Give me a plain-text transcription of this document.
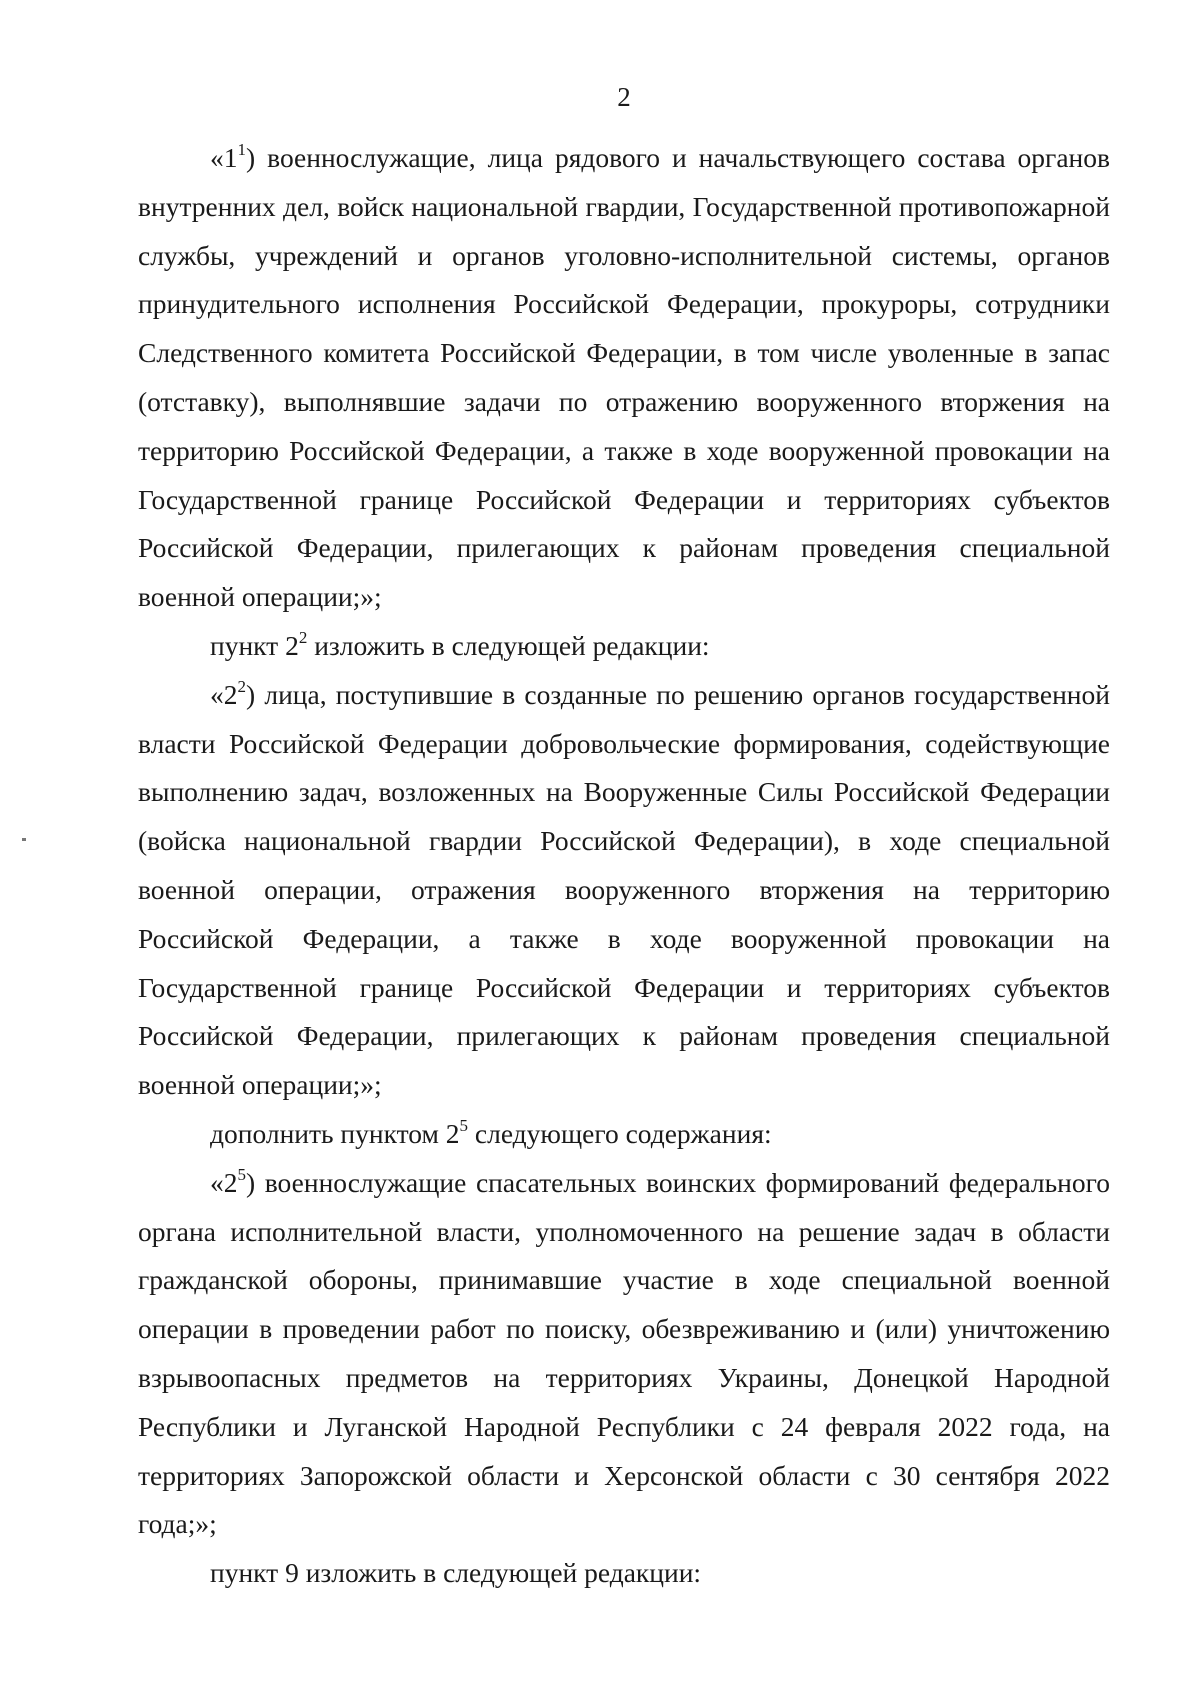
2

«$1^1$) военнослужащие, лица рядового и начальствующего состава органов внутренних дел, войск национальной гвардии, Государственной противопожарной службы, учреждений и органов уголовно-исполнительной системы, органов принудительного исполнения Российской Федерации, прокуроры, сотрудники Следственного комитета Российской Федерации, в том числе уволенные в запас (отставку), выполнявшие задачи по отражению вооруженного вторжения на территорию Российской Федерации, а также в ходе вооруженной провокации на Государственной границе Российской Федерации и территориях субъектов Российской Федерации, прилегающих к районам проведения специальной военной операции;»;

пункт $2^2$ изложить в следующей редакции:

«$2^2$) лица, поступившие в созданные по решению органов государственной власти Российской Федерации добровольческие формирования, содействующие выполнению задач, возложенных на Вооруженные Силы Российской Федерации (войска национальной гвардии Российской Федерации), в ходе специальной военной операции, отражения вооруженного вторжения на территорию Российской Федерации, а также в ходе вооруженной провокации на Государственной границе Российской Федерации и территориях субъектов Российской Федерации, прилегающих к районам проведения специальной военной операции;»;

дополнить пунктом $2^5$ следующего содержания:

«$2^5$) военнослужащие спасательных воинских формирований федерального органа исполнительной власти, уполномоченного на решение задач в области гражданской обороны, принимавшие участие в ходе специальной военной операции в проведении работ по поиску, обезвреживанию и (или) уничтожению взрывоопасных предметов на территориях Украины, Донецкой Народной Республики и Луганской Народной Республики с 24 февраля 2022 года, на территориях Запорожской области и Херсонской области с 30 сентября 2022 года;»;

пункт 9 изложить в следующей редакции:
